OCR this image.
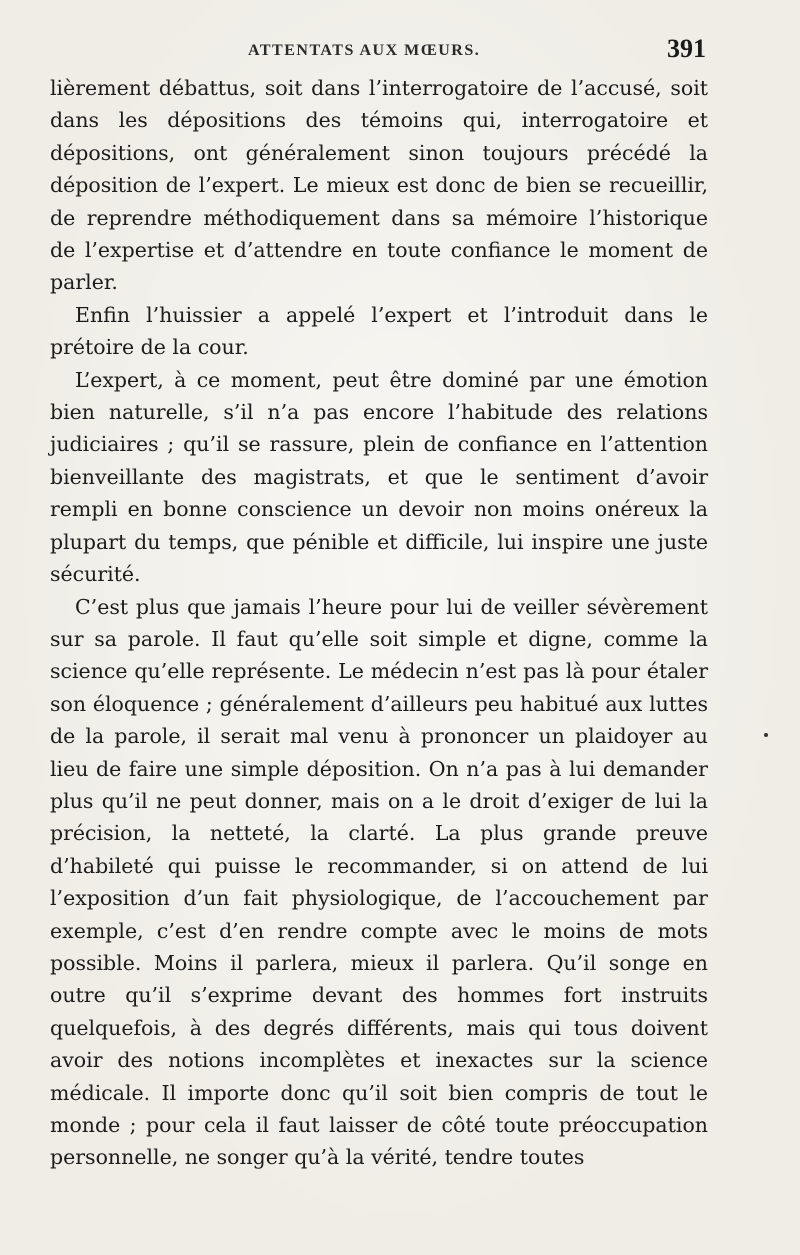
ATTENTATS AUX MŒURS.	391

lièrement débattus, soit dans l’interrogatoire de l’accusé, soit dans les dépositions des témoins qui, interrogatoire et dépositions, ont généralement sinon toujours précédé la déposition de l’expert. Le mieux est donc de bien se recueillir, de reprendre méthodiquement dans sa mémoire l’historique de l’expertise et d’attendre en toute confiance le moment de parler.

Enfin l’huissier a appelé l’expert et l’introduit dans le prétoire de la cour.

L’expert, à ce moment, peut être dominé par une émotion bien naturelle, s’il n’a pas encore l’habitude des relations judiciaires ; qu’il se rassure, plein de confiance en l’attention bienveillante des magistrats, et que le sentiment d’avoir rempli en bonne conscience un devoir non moins onéreux la plupart du temps, que pénible et difficile, lui inspire une juste sécurité.

C’est plus que jamais l’heure pour lui de veiller sévèrement sur sa parole. Il faut qu’elle soit simple et digne, comme la science qu’elle représente. Le médecin n’est pas là pour étaler son éloquence ; généralement d’ailleurs peu habitué aux luttes de la parole, il serait mal venu à prononcer un plaidoyer au lieu de faire une simple déposition. On n’a pas à lui demander plus qu’il ne peut donner, mais on a le droit d’exiger de lui la précision, la netteté, la clarté. La plus grande preuve d’habileté qui puisse le recommander, si on attend de lui l’exposition d’un fait physiologique, de l’accouchement par exemple, c’est d’en rendre compte avec le moins de mots possible. Moins il parlera, mieux il parlera. Qu’il songe en outre qu’il s’exprime devant des hommes fort instruits quelquefois, à des degrés différents, mais qui tous doivent avoir des notions incomplètes et inexactes sur la science médicale. Il importe donc qu’il soit bien compris de tout le monde ; pour cela il faut laisser de côté toute préoccupation personnelle, ne songer qu’à la vérité, tendre toutes
